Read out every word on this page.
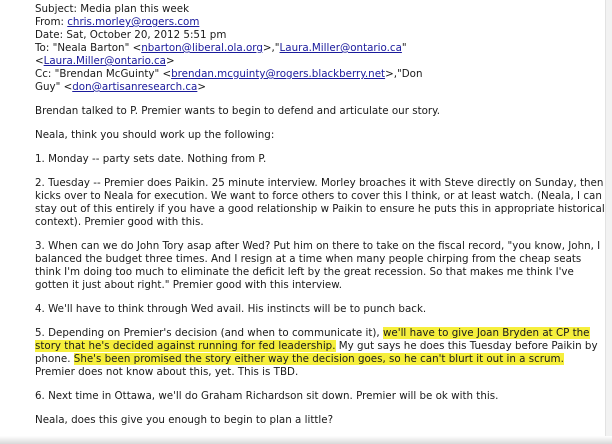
Subject: Media plan this week
From: chris.morley@rogers.com
Date: Sat, October 20, 2012 5:51 pm
To: "Neala Barton" <nbarton@liberal.ola.org>,"Laura.Miller@ontario.ca"
<Laura.Miller@ontario.ca>
Cc: "Brendan McGuinty" <brendan.mcguinty@rogers.blackberry.net>,"Don
Guy" <don@artisanresearch.ca>

Brendan talked to P. Premier wants to begin to defend and articulate our story.

Neala, think you should work up the following:

1. Monday -- party sets date. Nothing from P.

2. Tuesday -- Premier does Paikin. 25 minute interview. Morley broaches it with Steve directly on Sunday, then kicks over to Neala for execution. We want to force others to cover this I think, or at least watch. (Neala, I can stay out of this entirely if you have a good relationship w Paikin to ensure he puts this in appropriate historical context). Premier good with this.

3. When can we do John Tory asap after Wed? Put him on there to take on the fiscal record, "you know, John, I balanced the budget three times. And I resign at a time when many people chirping from the cheap seats think I'm doing too much to eliminate the deficit left by the great recession. So that makes me think I've gotten it just about right." Premier good with this interview.

4. We'll have to think through Wed avail. His instincts will be to punch back.

5. Depending on Premier's decision (and when to communicate it), we'll have to give Joan Bryden at CP the story that he's decided against running for fed leadership. My gut says he does this Tuesday before Paikin by phone. She's been promised the story either way the decision goes, so he can't blurt it out in a scrum. Premier does not know about this, yet. This is TBD.

6. Next time in Ottawa, we'll do Graham Richardson sit down. Premier will be ok with this.

Neala, does this give you enough to begin to plan a little?
